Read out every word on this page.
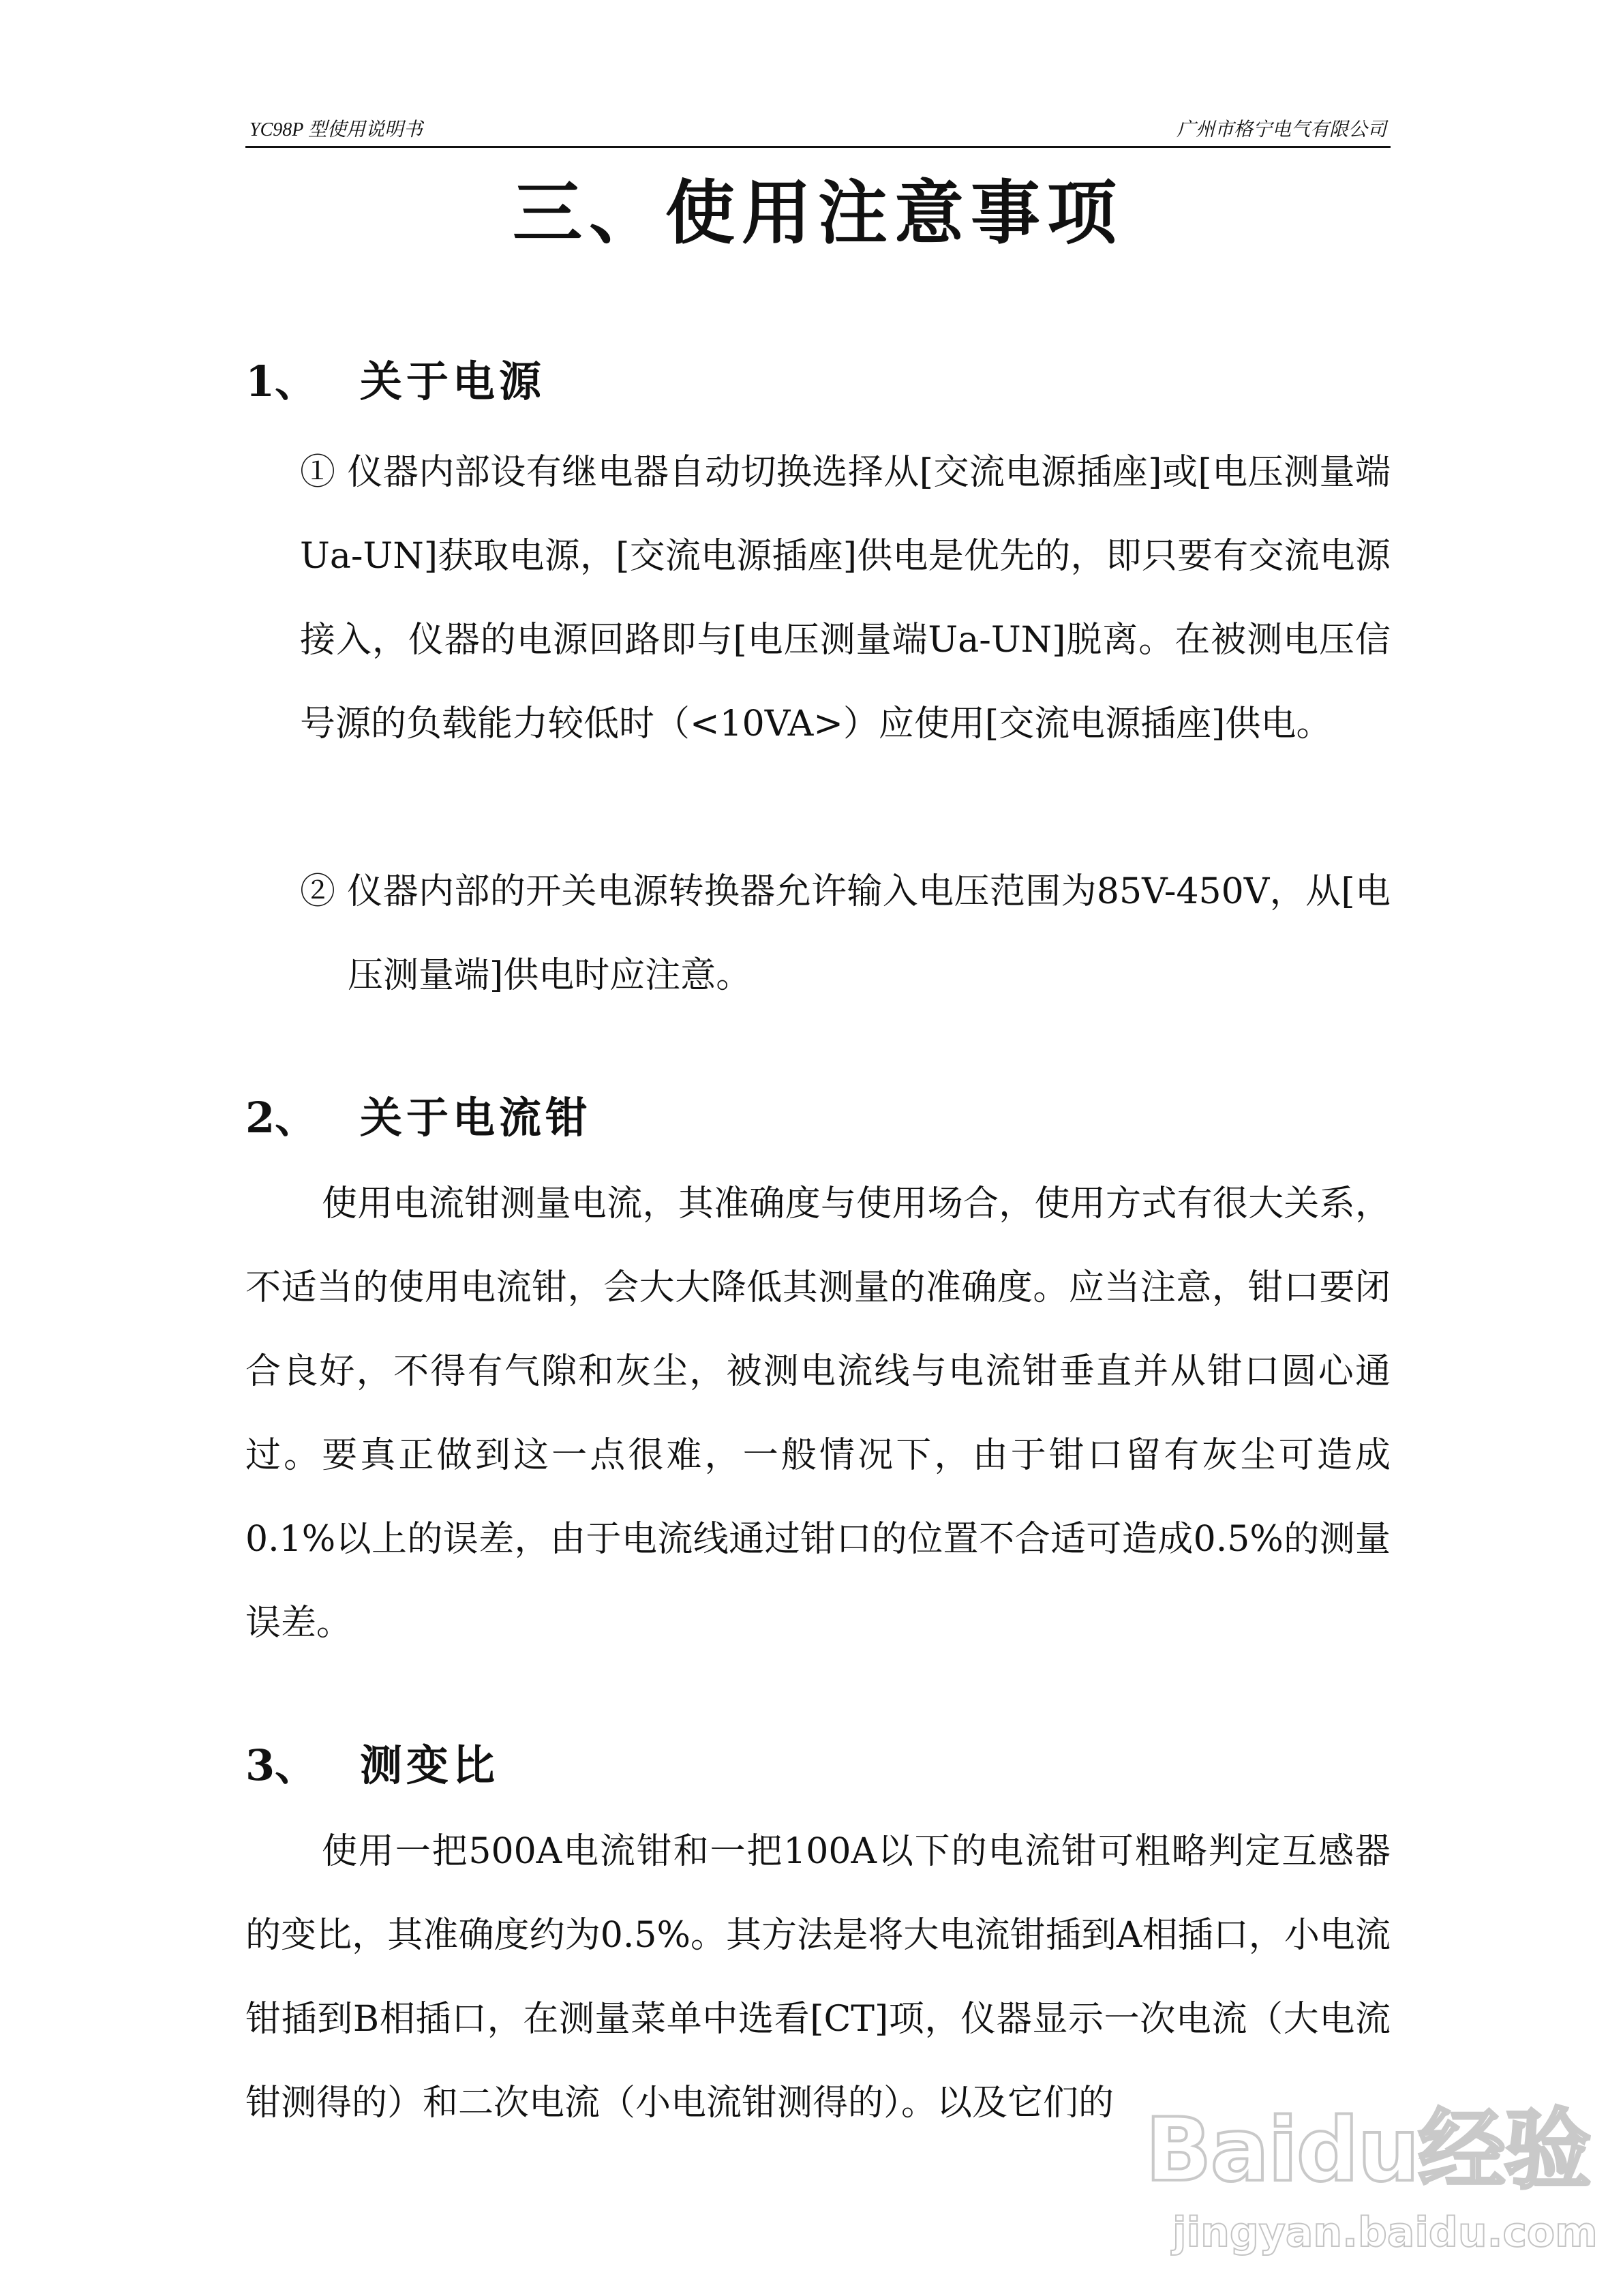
YC98P 型使用说明书	广州市格宁电气有限公司
三、使用注意事项
1、 关于电源
① 仪器内部设有继电器自动切换选择从[交流电源插座]或[电压测量端Ua-UN]获取电源，[交流电源插座]供电是优先的，即只要有交流电源接入，仪器的电源回路即与[电压测量端Ua-UN]脱离。在被测电压信号源的负载能力较低时（<10VA>）应使用[交流电源插座]供电。
② 仪器内部的开关电源转换器允许输入电压范围为85V-450V，从[电压测量端]供电时应注意。
2、 关于电流钳
使用电流钳测量电流，其准确度与使用场合，使用方式有很大关系，不适当的使用电流钳，会大大降低其测量的准确度。应当注意，钳口要闭合良好，不得有气隙和灰尘，被测电流线与电流钳垂直并从钳口圆心通过。要真正做到这一点很难，一般情况下，由于钳口留有灰尘可造成0.1%以上的误差，由于电流线通过钳口的位置不合适可造成0.5%的测量误差。
3、 测变比
使用一把500A电流钳和一把100A以下的电流钳可粗略判定互感器的变比，其准确度约为0.5%。其方法是将大电流钳插到A相插口，小电流钳插到B相插口，在测量菜单中选看[CT]项，仪器显示一次电流（大电流钳测得的）和二次电流（小电流钳测得的）。以及它们的 Baidu经验
jingyan.baidu.com
